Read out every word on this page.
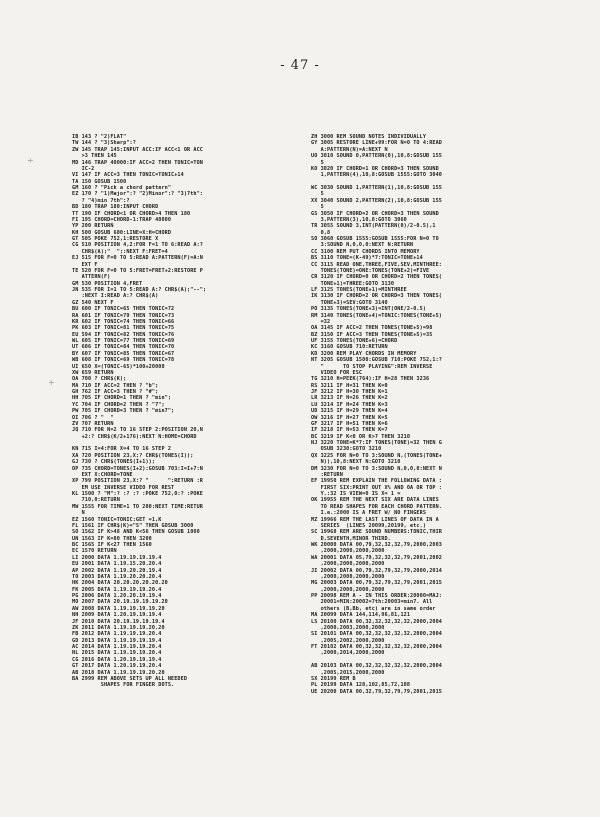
- 47 -
÷
÷
IB 143 ? "2)FLAT"
TW 144 ? "3)Sharp":?
ZW 145 TRAP 145:INPUT ACC:IF ACC<1 OR ACC
>3 THEN 145
MD 146 TRAP 40000:IF ACC=2 THEN TONIC=TON
IC-2
VI 147 IF ACC=3 THEN TONIC=TONIC+14
TA 150 GOSUB 1500
GM 160 ? "Pick a chord pattern"
EZ 170 ? "1)Major":? "2)Minor":? "3)7th":
? "4)min 7th":?
BD 180 TRAP 180:INPUT CHORD
TT 190 IF CHORD<1 OR CHORD>4 THEN 180
FI 195 CHORD=CHORD-1:TRAP 40000
YP 200 RETURN
KH 500 GOSUB 600:LINE=X:H=CHORD
GT 505 POKE 752,1:RESTORE X
CG 510 POSITION 4,2:FOR F=1 TO 6:READ A:?
CHR$(A);"  ";:NEXT F:FRET=4
EJ 515 FOR F=0 TO 5:READ A:PATTERN(F)=A:N
EXT F
TE 520 FOR F=0 TO 5:FRET=FRET+2:RESTORE P
ATTERN(F)
GM 530 POSITION 4,FRET
JN 535 FOR I=1 TO 5:READ A:? CHR$(A);"--";
:NEXT I:READ A:? CHR$(A)
GZ 540 NEXT F
BU 600 IF TONIC=65 THEN TONIC=72
RA 601 IF TONIC=79 THEN TONIC=73
KR 602 IF TONIC=74 THEN TONIC=66
PK 603 IF TONIC=81 THEN TONIC=75
EU 594 IF TONIC=82 THEN TONIC=76
WL 605 IF TONIC=77 THEN TONIC=69
UT 606 IF TONIC=84 THEN TONIC=70
BY 607 IF TONIC=85 THEN TONIC=67
WB 608 IF TONIC=69 THEN TONIC=78
UI 650 X=(TONIC-65)*100+20000
XW 659 RETURN
OA 700 ? CHR$(K);
MA 710 IF ACC=2 THEN ? "b";
GH 762 IF ACC=3 THEN ? "#";
HH 705 IF CHORD=1 THEN ? "min";
YC 704 IF CHORD=2 THEN ? "7";
PW 705 IF CHORD=3 THEN ? "min7";
OI 706 ? "  "
ZV 707 RETURN
JQ 710 FOR N=2 TO 16 STEP 2:POSITION 20,N
+2:? CHR$(K/2+176):NEXT N:HOME=CHORD
KN 715 I=4:FOR X=4 TO 16 STEP 2
XA 720 POSITION 23,X:? CHR$(TONES(I));
GJ 730 ? CHR$(TONES(I+1));
OP 735 CHORD=TONES(I+2):GOSUB 703:I=I+7:N
EXT X:CHORD=TONE
XP 799 POSITION 23,X:? "      ":RETURN :R
EM USE INVERSE VIDEO FOR REST
KL 1500 ? "M":? :? :? :POKE 752,0:? :POKE
710,0:RETURN
MW 1555 FOR TIME=1 TO 200:NEXT TIME:RETUR
N
EZ 1560 TONIC=TONIC:GET =1,K
FL 1561 IF CHR$(K)="S" THEN GOSUB 3000
SO 1562 IF K>48 AND K<56 THEN GOSUB 1000
UN 1563 IF K=80 THEN 3200
BC 1565 IF K<27 THEN 1560
EC 1570 RETURN
LI 2000 DATA 1.19.19.19.19.4
EU 2001 DATA 1.19.15.20.20.4
AP 2002 DATA 1.19.20.20.19.4
TO 2003 DATA 1.19.20.20.20.4
HK 2004 DATA 20.20.20.20.20.20
FK 2005 DATA 1.19.19.19.20.4
PG 2006 DATA 1.20.20.19.19.4
MO 2007 DATA 20.19.19.19.19.20
AW 2008 DATA 1.19.19.19.19.20
NH 2009 DATA 1.20.19.19.19.4
JF 2010 DATA 20.19.19.19.19.4
ZK 2011 DATA 1.19.19.19.20.20
FB 2012 DATA 1.19.19.19.20.4
GD 2013 DATA 1.19.19.19.19.4
AC 2014 DATA 1.19.19.19.20.4
NL 2015 DATA 1.19.19.19.20.4
CG 2016 DATA 1.20.19.19.19.4
GT 2017 DATA 1.20.19.19.20.4
AB 2018 DATA 1.19.19.19.20.20
BA 2999 REM ABOVE SETS UP ALL NEEDED
SHAPES FOR FINGER DOTS.
ZH 3000 REM SOUND NOTES INDIVIDUALLY
GY 3005 RESTORE LINE+99:FOR N=0 TO 4:READ
A:PATTERN(N)=A:NEXT N
UO 3010 SOUND 0,PATTERN(0),10,8:GOSUB 155
5
KO 3020 IF CHORD=1 OR CHORD=3 THEN SOUND
1,PATTERN(4),10,8:GOSUB 1555:GOTO 3040
WC 3030 SOUND 1,PATTERN(1),10,8:GOSUB 155
5
XX 3040 SOUND 2,PATTERN(2),10,8:GOSUB 155
5
GS 3050 IF CHORD=2 OR CHORD=3 THEN SOUND
3,PATTERN(3),10,8:GOTO 3060
TR 3055 SOUND 3,INT(PATTERN(0)/2-0.5),1
0,8
SO 3060 GOSUB 1555:GOSUB 1555:FOR N=0 TO
3:SOUND N,0,0,0:NEXT N:RETURN
CC 3100 REM PUT CHORDS INTO MEMORY
BS 3110 TONE=(K-49)*7:TONIC=TONE+14
CC 3115 READ ONE,THREE,FIVE,SEV,MINTHREE:
TONES(TONE)=ONE:TONES(TONE+2)=FIVE
CR 3120 IF CHORD=0 OR CHORD=2 THEN TONES(
TONE+1)=THREE:GOTO 3130
LF 3125 TONES(TONE+1)=MINTHREE
IK 3130 IF CHORD=2 OR CHORD=3 THEN TONES(
TONE+3)=SEV:GOTO 3140
PO 3135 TONES(TONE+3)=INT(ONE/2-0.5)
RM 3140 TONES(TONE+4)=TONIC:TONES(TONE+5)
=32
OA 3145 IF ACC=2 THEN TONES(TONE+5)=98
BZ 3150 IF ACC=3 THEN TONES(TONE+5)=35
UF 3155 TONES(TONE+6)=CHORD
KC 3160 GOSUB 710:RETURN
KD 3200 REM PLAY CHORDS IN MEMORY
NT 3205 GOSUB 1500:GOSUB 710:POKE 752,1:?
"      TO STOP PLAYING":REM INVERSE
VIDEO FOR ESC
TG 3210 H=PEEK(764):IF H=28 THEN 3236
RS 3211 IF H=31 THEN K=0
JF 3212 IF H=30 THEN K=1
LR 3213 IF H=26 THEN K=2
LU 3214 IF H=24 THEN K=3
UD 3215 IF H=29 THEN K=4
OW 3216 IF H=27 THEN K=5
GF 3217 IF H=51 THEN K=6
IF 3218 IF H=53 THEN K=7
BC 3219 IF K<0 OR K>7 THEN 3210
NJ 3220 TONE=K*7:IF TONES(TONE)=32 THEN G
OSUB 3230:GOTO 3210
QX 3225 FOR N=0 TO 3:SOUND N,(TONES(TONE+
N)),10,8:NEXT N:GOTO 3210
DM 3230 FOR N=0 TO 3:SOUND N,0,0,0:NEXT N
:RETURN
EF 19950 REM EXPLAIN THE FOLLOWING DATA :
FIRST SIX:PRINT OUT X% AND 0A OR TOP :
Y.:32 IS VIEW=0 IS X= 1 =
OK 19955 REM THE NEXT SIX ARE DATA LINES
TO READ SHAPES FOR EACH CHORD PATTERN.
I.e.:2000 IS A FRET W/ NO FINGERS
MZ 19966 REM THE LAST LINES OF DATA IN A
SERIES  (LINES 20099,20199, etc.)
SC 19968 REM ARE SOUND NUMBERS:TONIC,THIR
D,SEVENTH,MINOR THIRD.
WK 20000 DATA 00,79,32,32,32,79,2000,2003
,2000,2000,2000,2000
WA 20001 DATA 05,79,32,32,32,79,2001,2002
,2000,2000,2000,2000
JI 20002 DATA 00,79,32,79,32,79,2000,2014
,2000,2000,2000,2000
MG 20003 DATA 00,79,32,79,32,79,2001,2015
,2000,2000,2000,2000
PP 20098 REM A - IN THIS ORDER:20000=MAJ:
20001=MIN:20002=7th:20003=min7. All
others (B,Bb, etc) are in same order
MA 20099 DATA 144,114,96,81,121
LS 20100 DATA 00,32,32,32,32,32,2000,2004
,2000,2003,2000,2000
SI 20101 DATA 00,32,32,32,32,32,2000,2004
,2005,2002,2000,2000
FT 20102 DATA 00,32,32,32,32,32,2000,2004
,2000,2014,2000,2000
AB 20103 DATA 00,32,32,32,32,32,2000,2004
,2005,2015,2000,2000
SX 20199 REM B
PL 20199 DATA 128,102,85,72,108
UE 20200 DATA 00,32,79,32,79,79,2001,2015
